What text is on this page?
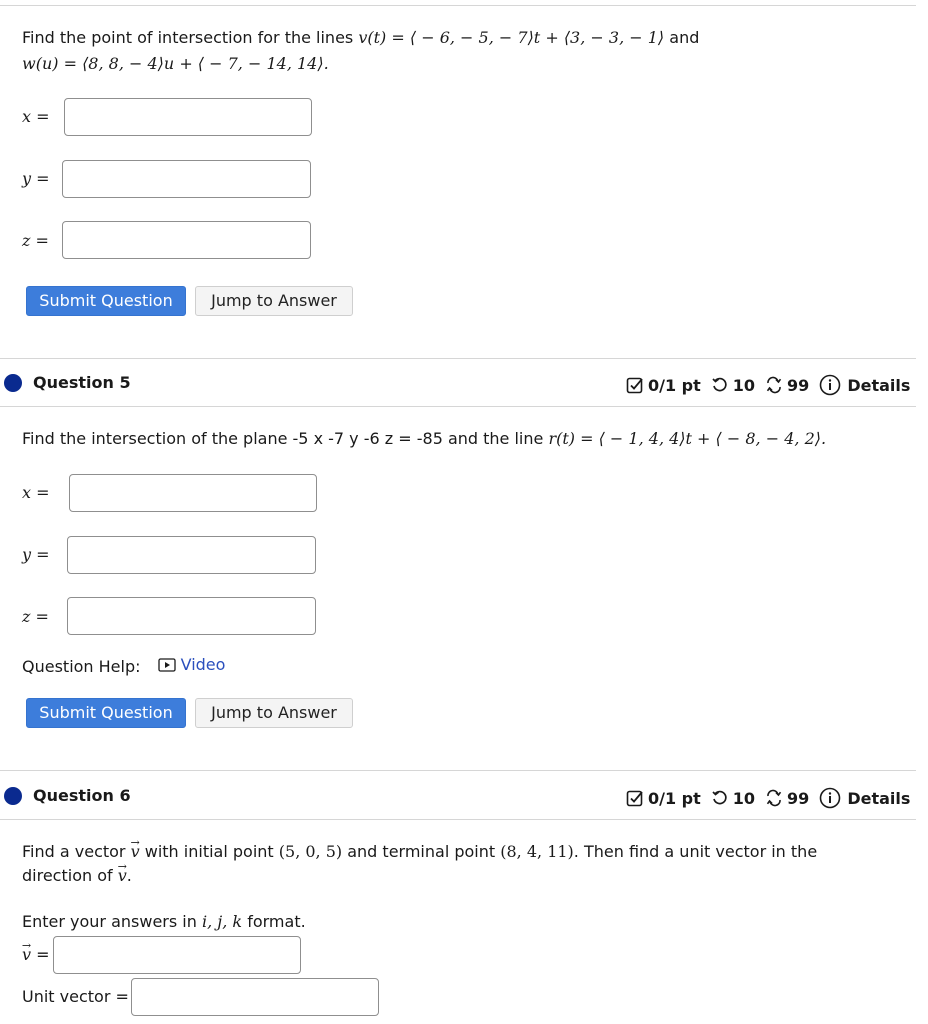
Find the point of intersection for the lines v(t) = ⟨ − 6, − 5, − 7⟩t + ⟨3, − 3, − 1⟩ and
w(u) = ⟨8, 8, − 4⟩u + ⟨ − 7, − 14, 14⟩.
x =
y =
z =
Submit Question	Jump to Answer
Question 5	0/1 pt 10 99 Details
Find the intersection of the plane -5 x -7 y -6 z = -85 and the line r(t) = ⟨ − 1, 4, 4⟩t + ⟨ − 8, − 4, 2⟩.
x =
y =
z =
Question Help:	Video
Submit Question	Jump to Answer
Question 6	0/1 pt 10 99 Details
Find a vector → v with initial point (5, 0, 5) and terminal point (8, 4, 11). Then find a unit vector in the
direction of → v.
Enter your answers in i, j, k format.
→ v =
Unit vector =
